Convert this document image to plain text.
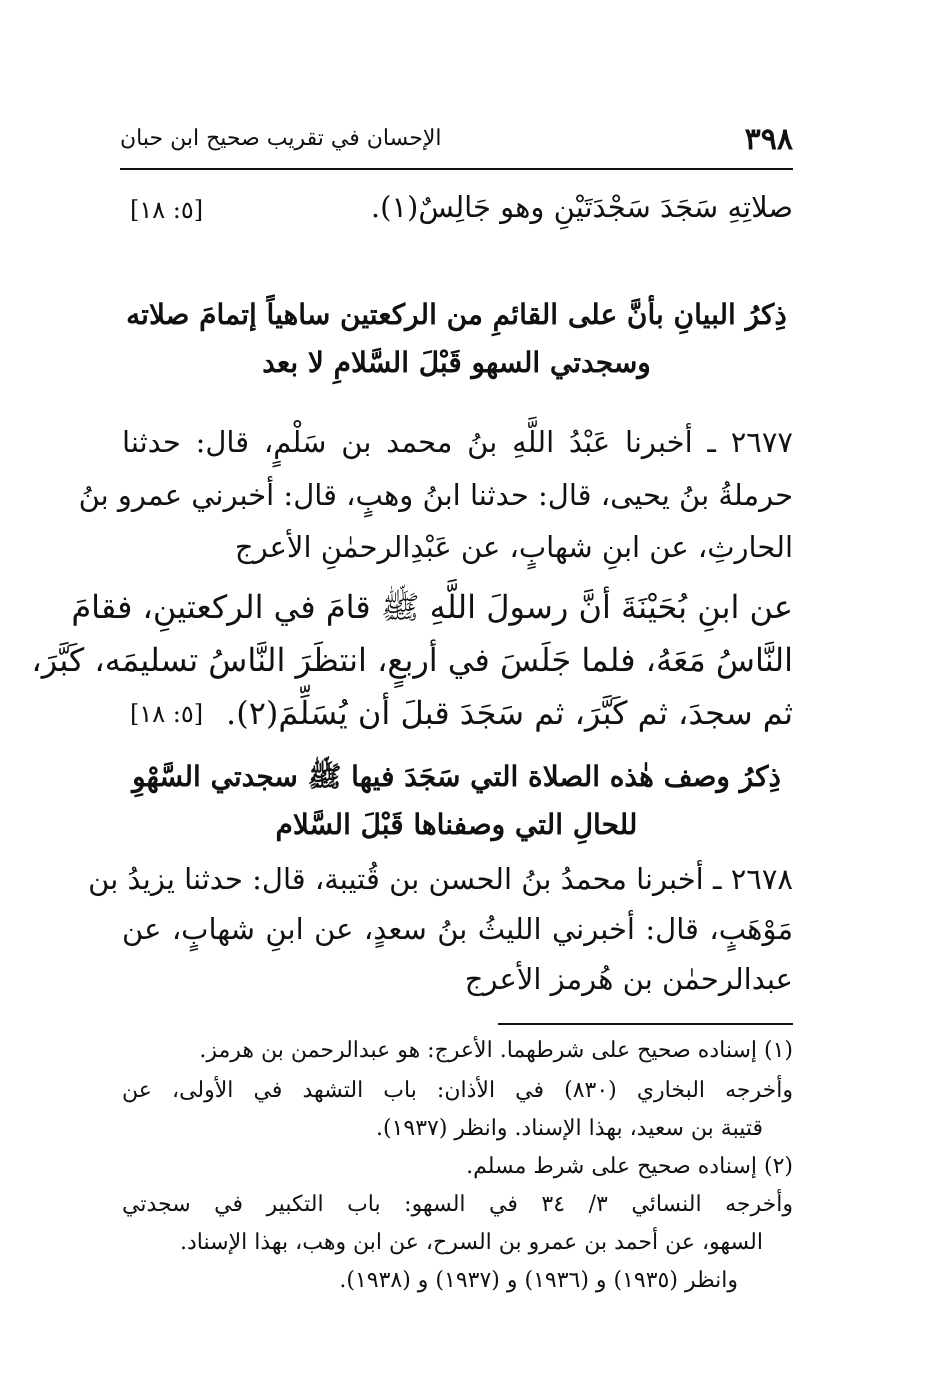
٣٩٨
الإحسان في تقريب صحيح ابن حبان
صلاتِهِ سَجَدَ سَجْدَتَيْنِ وهو جَالِسٌ(١).
[٥: ١٨]
ذِكرُ البيانِ بأنَّ على القائمِ من الركعتين ساهياً إتمامَ صلاته
وسجدتي السهو قَبْلَ السَّلامِ لا بعد
٢٦٧٧ ـ أخبرنا عَبْدُ اللَّهِ بنُ محمد بن سَلْمٍ، قال: حدثنا
حرملةُ بنُ يحيى، قال: حدثنا ابنُ وهبٍ، قال: أخبرني عمرو بنُ
الحارثِ، عن ابنِ شهابٍ، عن عَبْدِالرحمٰنِ الأعرج
عن ابنِ بُحَيْنَةَ أنَّ رسولَ اللَّهِ ﷺ قامَ في الركعتينِ، فقامَ
النَّاسُ مَعَهُ، فلما جَلَسَ في أربعٍ، انتظَرَ النَّاسُ تسليمَه، كَبَّرَ،
ثم سجدَ، ثم كَبَّرَ، ثم سَجَدَ قبلَ أن يُسَلِّمَ(٢).
[٥: ١٨]
ذِكرُ وصف هٰذه الصلاة التي سَجَدَ فيها ﷺ سجدتي السَّهْوِ
للحالِ التي وصفناها قَبْلَ السَّلام
٢٦٧٨ ـ أخبرنا محمدُ بنُ الحسن بن قُتيبة، قال: حدثنا يزيدُ بن
مَوْهَبٍ، قال: أخبرني الليثُ بنُ سعدٍ، عن ابنِ شهابٍ، عن
عبدالرحمٰن بن هُرمز الأعرج
(١) إسناده صحيح على شرطهما. الأعرج: هو عبدالرحمن بن هرمز.
وأخرجه البخاري (٨٣٠) في الأذان: باب التشهد في الأولى، عن
قتيبة بن سعيد، بهذا الإسناد. وانظر (١٩٣٧).
(٢) إسناده صحيح على شرط مسلم.
وأخرجه النسائي ٣/ ٣٤ في السهو: باب التكبير في سجدتي
السهو، عن أحمد بن عمرو بن السرح، عن ابن وهب، بهذا الإسناد.
وانظر (١٩٣٥) و (١٩٣٦) و (١٩٣٧) و (١٩٣٨).
